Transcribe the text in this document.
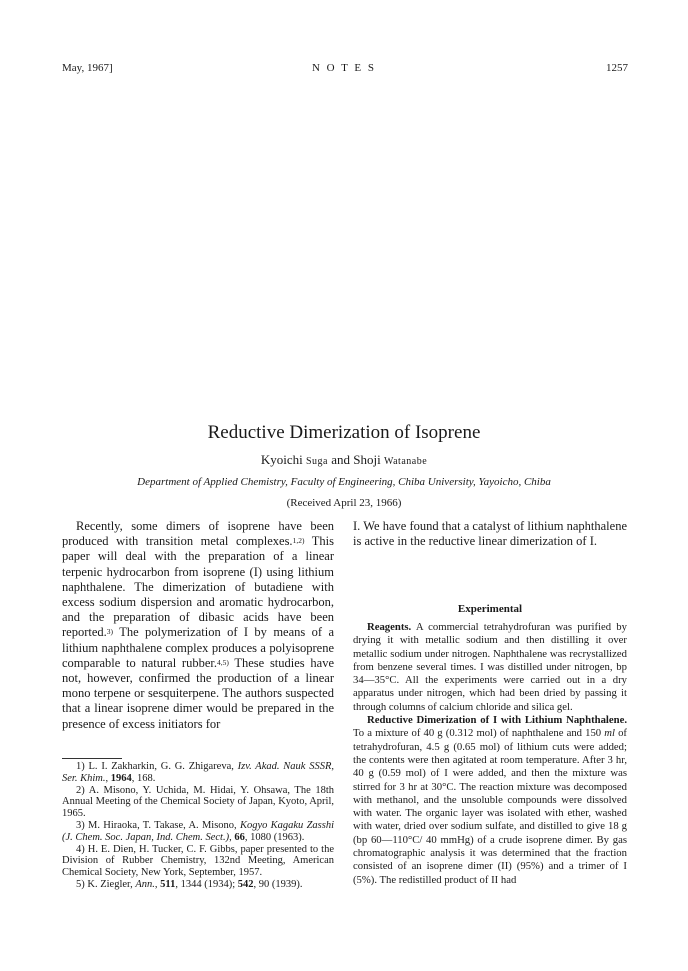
May, 1967]	N O T E S	1257
Reductive Dimerization of Isoprene
Kyoichi Suga and Shoji Watanabe
Department of Applied Chemistry, Faculty of Engineering, Chiba University, Yayoicho, Chiba
(Received April 23, 1966)

Recently, some dimers of isoprene have been produced with transition metal complexes.$^{1,2)}$ This paper will deal with the preparation of a linear terpenic hydrocarbon from isoprene (I) using lithium naphthalene. The dimerization of butadiene with excess sodium dispersion and aromatic hydrocarbon, and the preparation of dibasic acids have been reported.$^{3)}$ The polymerization of I by means of a lithium naphthalene complex produces a polyisoprene comparable to natural rubber.$^{4,5)}$ These studies have not, however, confirmed the production of a linear mono terpene or sesquiterpene. The authors suspected that a linear isoprene dimer would be prepared in the presence of excess initiators for

I. We have found that a catalyst of lithium naphthalene is active in the reductive linear dimerization of I.

1) L. I. Zakharkin, G. G. Zhigareva, Izv. Akad. Nauk SSSR, Ser. Khim., 1964, 168.

2) A. Misono, Y. Uchida, M. Hidai, Y. Ohsawa, The 18th Annual Meeting of the Chemical Society of Japan, Kyoto, April, 1965.

3) M. Hiraoka, T. Takase, A. Misono, Kogyo Kagaku Zasshi (J. Chem. Soc. Japan, Ind. Chem. Sect.), 66, 1080 (1963).

4) H. E. Dien, H. Tucker, C. F. Gibbs, paper presented to the Division of Rubber Chemistry, 132nd Meeting, American Chemical Society, New York, September, 1957.

5) K. Ziegler, Ann., 511, 1344 (1934); 542, 90 (1939).

Experimental

Reagents. A commercial tetrahydrofuran was purified by drying it with metallic sodium and then distilling it over metallic sodium under nitrogen. Naphthalene was recrystallized from benzene several times. I was distilled under nitrogen, bp 34—35°C. All the experiments were carried out in a dry apparatus under nitrogen, which had been dried by passing it through columns of calcium chloride and silica gel.

Reductive Dimerization of I with Lithium Naphthalene. To a mixture of 40 g (0.312 mol) of naphthalene and 150 ml of tetrahydrofuran, 4.5 g (0.65 mol) of lithium cuts were added; the contents were then agitated at room temperature. After 3 hr, 40 g (0.59 mol) of I were added, and then the mixture was stirred for 3 hr at 30°C. The reaction mixture was decomposed with methanol, and the unsoluble compounds were dissolved with water. The organic layer was isolated with ether, washed with water, dried over sodium sulfate, and distilled to give 18 g (bp 60—110°C/ 40 mmHg) of a crude isoprene dimer. By gas chromatographic analysis it was determined that the fraction consisted of an isoprene dimer (II) (95%) and a trimer of I (5%). The redistilled product of II had
